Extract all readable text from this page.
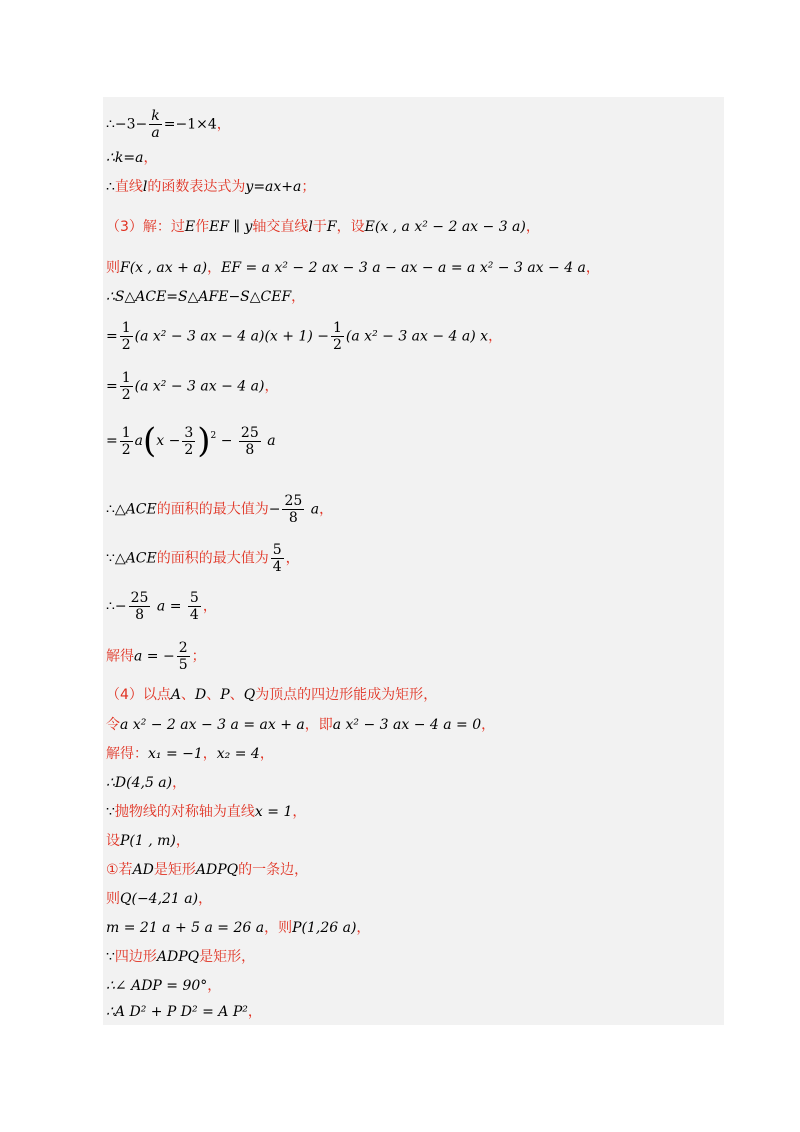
∴−3− $\frac{k}{a} =-1\times 4$，
∴k=a，
∴直线l的函数表达式为y=ax+a；
（3）解：过E作EF ∥ y轴交直线l于F，设E(x , a x² − 2 ax − 3 a)，
则F(x , ax + a)，EF = a x² − 2 ax − 3 a − ax − a = a x² − 3 ax − 4 a，
∴S△ACE=S△AFE−S△CEF，
= $\frac{1}{2} (a$ x² − 3 ax − 4 $a)(x + 1) - \frac{1}{2} (a$ x² − 3 ax − 4 a) x，
= $\frac{1}{2} (a$ x² − 3 ax − 4 a)，
= $\frac{1}{2} a(x - \frac{3}{2} )^2 - \frac{25}{8}$ a
∴△ACE的面积的最大值为− $\frac{25}{8}$ a，
∵△ACE的面积的最大值为 $\frac{5}{4}$ ，
∴− $\frac{25}{8}$ $a = \frac{5}{4}$ ，
解得a = − $\frac{2}{5}$ ；
（4）以点A、D、P、Q为顶点的四边形能成为矩形，
令a x² − 2 ax − 3 a = ax + a，即a x² − 3 ax − 4 a = 0，
解得：x₁ = −1，x₂ = 4，
∴D(4,5 a)，
∵抛物线的对称轴为直线x = 1，
设P(1 , m)，
①若AD是矩形ADPQ的一条边，
则Q(−4,21 a)，
m = 21 a + 5 a = 26 a，则P(1,26 a)，
∵四边形ADPQ是矩形，
∴∠ ADP = 90°，
∴A D² + P D² = A P²，
